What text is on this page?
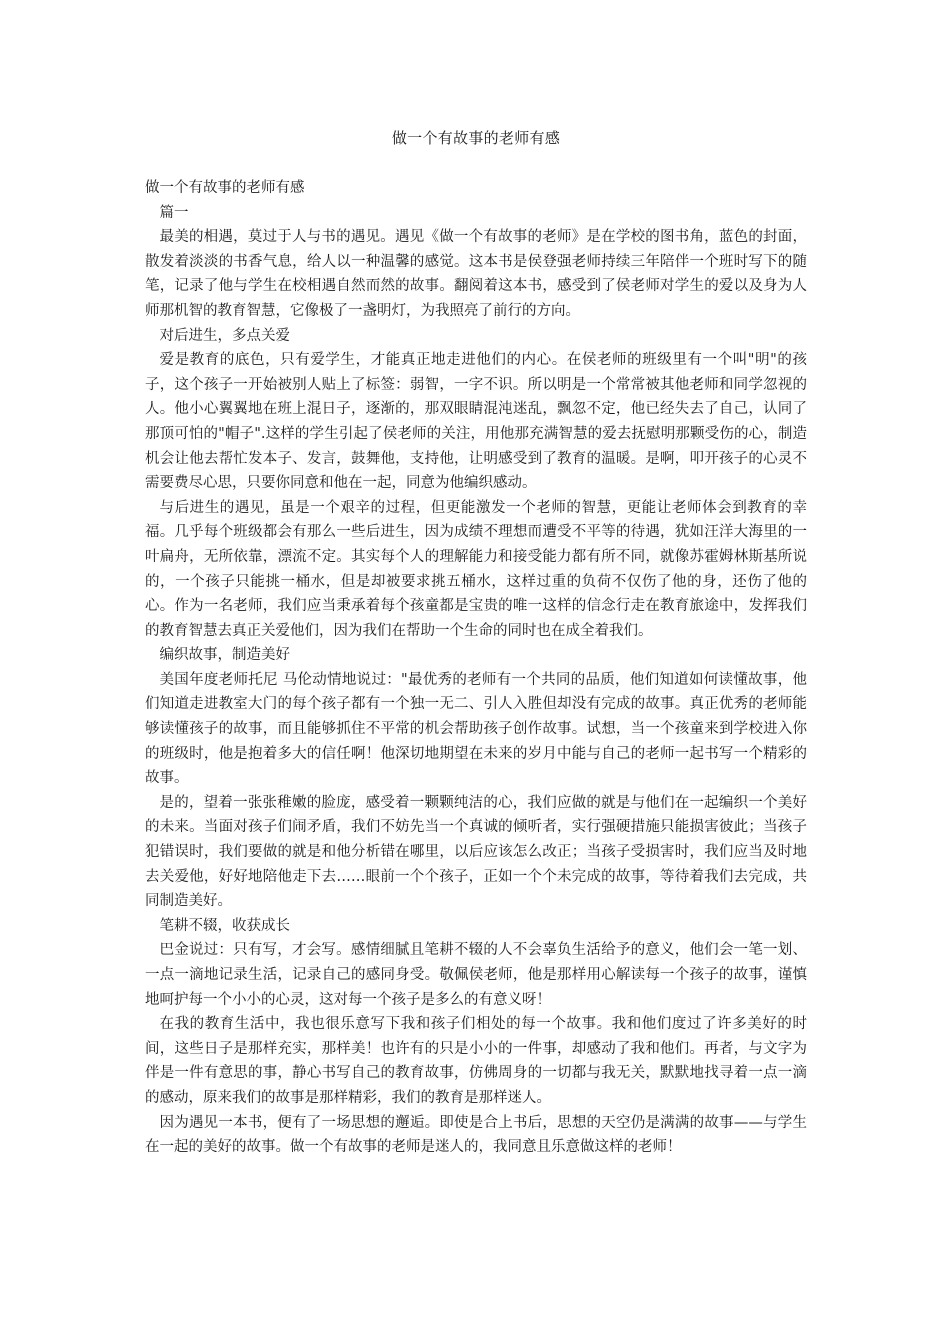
做一个有故事的老师有感

做一个有故事的老师有感

篇一

最美的相遇，莫过于人与书的遇见。遇见《做一个有故事的老师》是在学校的图书角，蓝色的封面，散发着淡淡的书香气息，给人以一种温馨的感觉。这本书是侯登强老师持续三年陪伴一个班时写下的随笔，记录了他与学生在校相遇自然而然的故事。翻阅着这本书，感受到了侯老师对学生的爱以及身为人师那机智的教育智慧，它像极了一盏明灯，为我照亮了前行的方向。

对后进生，多点关爱

爱是教育的底色，只有爱学生，才能真正地走进他们的内心。在侯老师的班级里有一个叫"明"的孩子，这个孩子一开始被别人贴上了标签：弱智，一字不识。所以明是一个常常被其他老师和同学忽视的人。他小心翼翼地在班上混日子，逐渐的，那双眼睛混沌迷乱，飘忽不定，他已经失去了自己，认同了那顶可怕的"帽子".这样的学生引起了侯老师的关注，用他那充满智慧的爱去抚慰明那颗受伤的心，制造机会让他去帮忙发本子、发言，鼓舞他，支持他，让明感受到了教育的温暖。是啊，叩开孩子的心灵不需要费尽心思，只要你同意和他在一起，同意为他编织感动。

与后进生的遇见，虽是一个艰辛的过程，但更能激发一个老师的智慧，更能让老师体会到教育的幸福。几乎每个班级都会有那么一些后进生，因为成绩不理想而遭受不平等的待遇，犹如汪洋大海里的一叶扁舟，无所依靠，漂流不定。其实每个人的理解能力和接受能力都有所不同，就像苏霍姆林斯基所说的，一个孩子只能挑一桶水，但是却被要求挑五桶水，这样过重的负荷不仅伤了他的身，还伤了他的心。作为一名老师，我们应当秉承着每个孩童都是宝贵的唯一这样的信念行走在教育旅途中，发挥我们的教育智慧去真正关爱他们，因为我们在帮助一个生命的同时也在成全着我们。

编织故事，制造美好

美国年度老师托尼 马伦动情地说过："最优秀的老师有一个共同的品质，他们知道如何读懂故事，他们知道走进教室大门的每个孩子都有一个独一无二、引人入胜但却没有完成的故事。真正优秀的老师能够读懂孩子的故事，而且能够抓住不平常的机会帮助孩子创作故事。试想，当一个孩童来到学校进入你的班级时，他是抱着多大的信任啊！他深切地期望在未来的岁月中能与自己的老师一起书写一个精彩的故事。

是的，望着一张张稚嫩的脸庞，感受着一颗颗纯洁的心，我们应做的就是与他们在一起编织一个美好的未来。当面对孩子们闹矛盾，我们不妨先当一个真诚的倾听者，实行强硬措施只能损害彼此；当孩子犯错误时，我们要做的就是和他分析错在哪里，以后应该怎么改正；当孩子受损害时，我们应当及时地去关爱他，好好地陪他走下去……眼前一个个孩子，正如一个个未完成的故事，等待着我们去完成，共同制造美好。

笔耕不辍，收获成长

巴金说过：只有写，才会写。感情细腻且笔耕不辍的人不会辜负生活给予的意义，他们会一笔一划、一点一滴地记录生活，记录自己的感同身受。敬佩侯老师，他是那样用心解读每一个孩子的故事，谨慎地呵护每一个小小的心灵，这对每一个孩子是多么的有意义呀！

在我的教育生活中，我也很乐意写下我和孩子们相处的每一个故事。我和他们度过了许多美好的时间，这些日子是那样充实，那样美！也许有的只是小小的一件事，却感动了我和他们。再者，与文字为伴是一件有意思的事，静心书写自己的教育故事，仿佛周身的一切都与我无关，默默地找寻着一点一滴的感动，原来我们的故事是那样精彩，我们的教育是那样迷人。

因为遇见一本书，便有了一场思想的邂逅。即使是合上书后，思想的天空仍是满满的故事——与学生在一起的美好的故事。做一个有故事的老师是迷人的，我同意且乐意做这样的老师！
